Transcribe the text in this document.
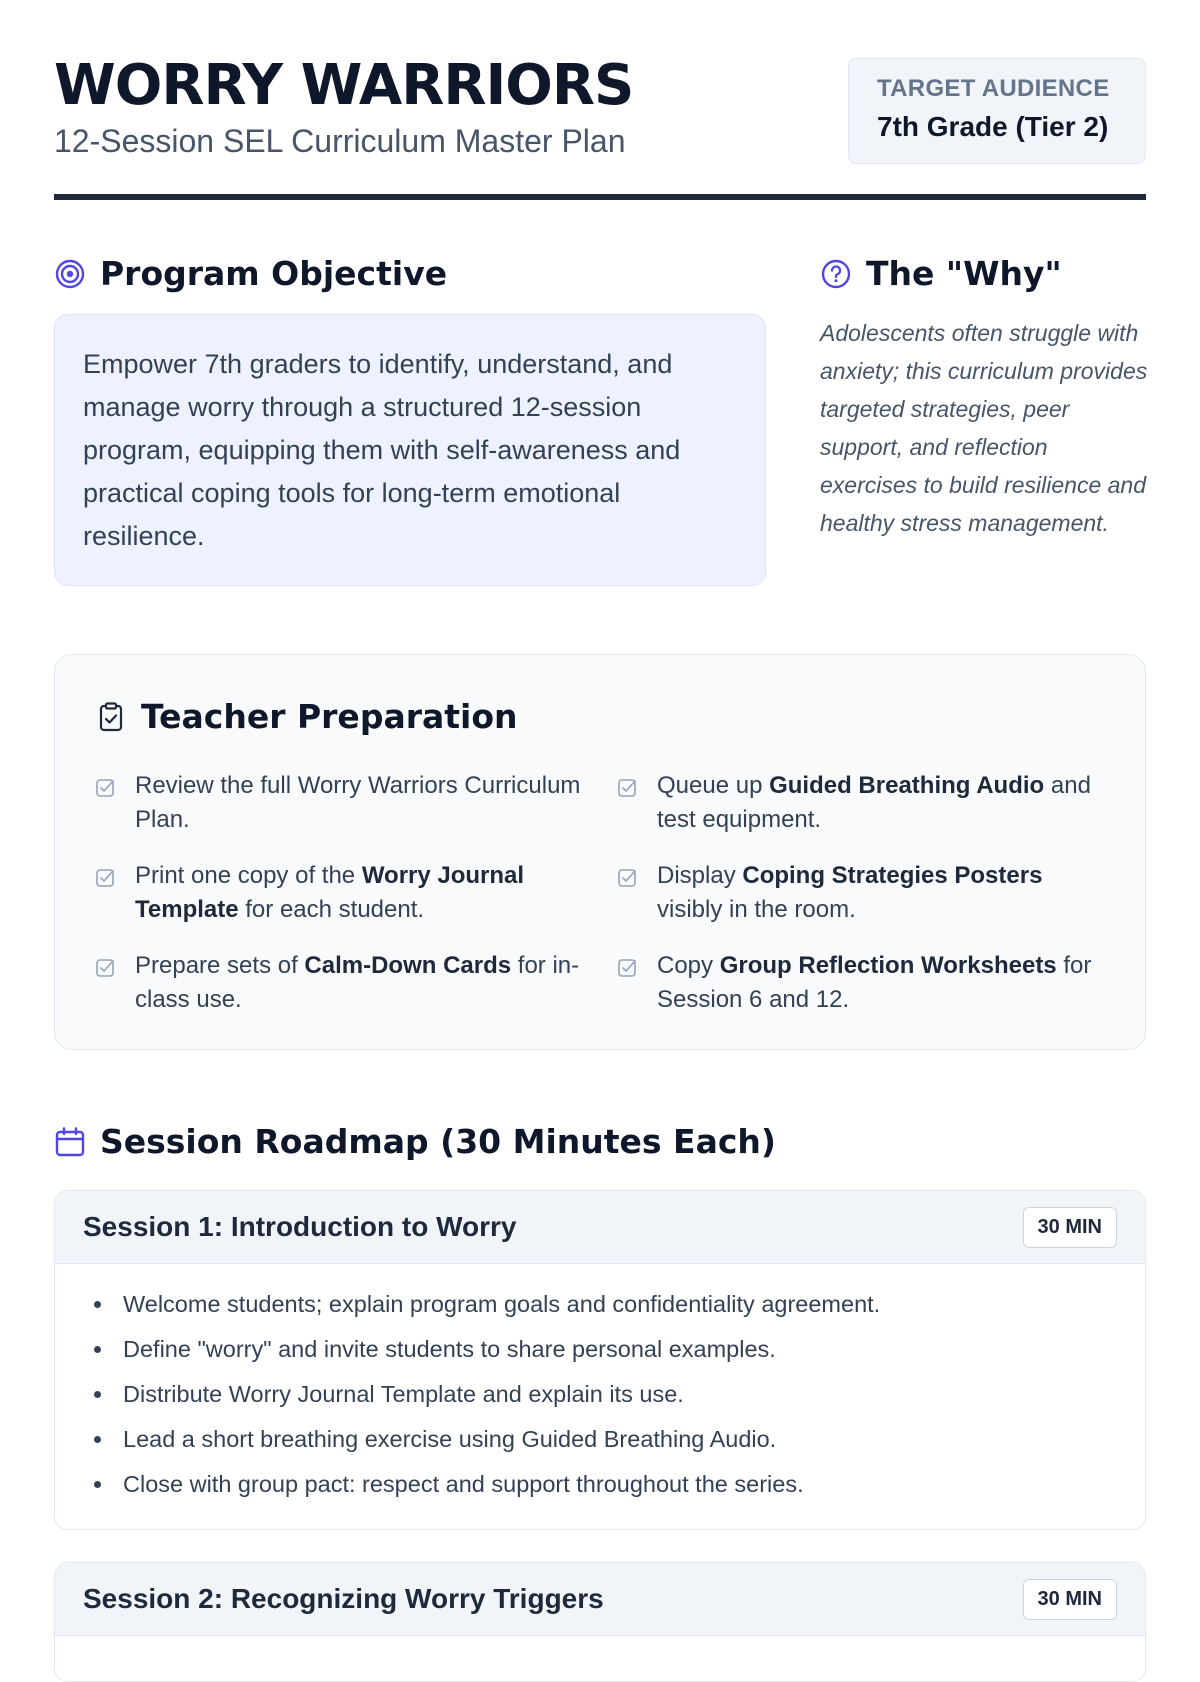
WORRY WARRIORS

12-Session SEL Curriculum Master Plan

TARGET AUDIENCE
7th Grade (Tier 2)
Program Objective
Empower 7th graders to identify, understand, and manage worry through a structured 12-session program, equipping them with self-awareness and practical coping tools for long-term emotional resilience.
The "Why"

Adolescents often struggle with anxiety; this curriculum provides targeted strategies, peer support, and reflection exercises to build resilience and healthy stress management.

Teacher Preparation
Review the full Worry Warriors Curriculum Plan.
Queue up Guided Breathing Audio and test equipment.
Print one copy of the Worry Journal Template for each student.
Display Coping Strategies Posters visibly in the room.
Prepare sets of Calm-Down Cards for in-class use.
Copy Group Reflection Worksheets for Session 6 and 12.
Session Roadmap (30 Minutes Each)
Session 1: Introduction to Worry	30 MIN
• Welcome students; explain program goals and confidentiality agreement.
• Define "worry" and invite students to share personal examples.
• Distribute Worry Journal Template and explain its use.
• Lead a short breathing exercise using Guided Breathing Audio.
• Close with group pact: respect and support throughout the series.
Session 2: Recognizing Worry Triggers	30 MIN
